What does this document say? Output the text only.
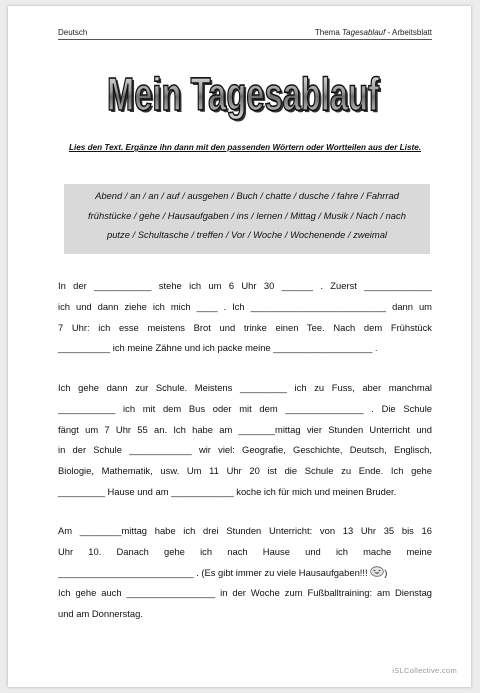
Deutsch	Thema Tagesablauf - Arbeitsblatt
Mein Tagesablauf
Mein Tagesablauf
Lies den Text. Ergänze ihn dann mit den passenden Wörtern oder Wortteilen aus der Liste.
Abend / an / an / auf / ausgehen / Buch / chatte / dusche / fahre / Fahrrad
frühstücke / gehe / Hausaufgaben / ins / lernen / Mittag / Musik / Nach / nach
putze / Schultasche / treffen / Vor / Woche / Wochenende / zweimal
In der ___________ stehe ich um 6 Uhr 30 ______ . Zuerst _____________
ich und dann ziehe ich mich ____ . Ich __________________________ dann um
7 Uhr: ich esse meistens Brot und trinke einen Tee. Nach dem Frühstück
__________ ich meine Zähne und ich packe meine ___________________ .
Ich gehe dann zur Schule. Meistens _________ ich zu Fuss, aber manchmal
___________ ich mit dem Bus oder mit dem _______________ . Die Schule
fängt um 7 Uhr 55 an. Ich habe am _______mittag vier Stunden Unterricht und
in der Schule ____________ wir viel: Geografie, Geschichte, Deutsch, Englisch,
Biologie, Mathematik, usw. Um 11 Uhr 20 ist die Schule zu Ende. Ich gehe
_________ Hause und am ____________ koche ich für mich und meinen Bruder.
Am ________mittag habe ich drei Stunden Unterricht: von 13 Uhr 35 bis 16
Uhr 10. Danach gehe ich nach Hause und ich mache meine
__________________________ . (Es gibt immer zu viele Hausaufgaben!!! )
Ich gehe auch _________________ in der Woche zum Fußballtraining: am Dienstag
und am Donnerstag.
iSLCollective.com
